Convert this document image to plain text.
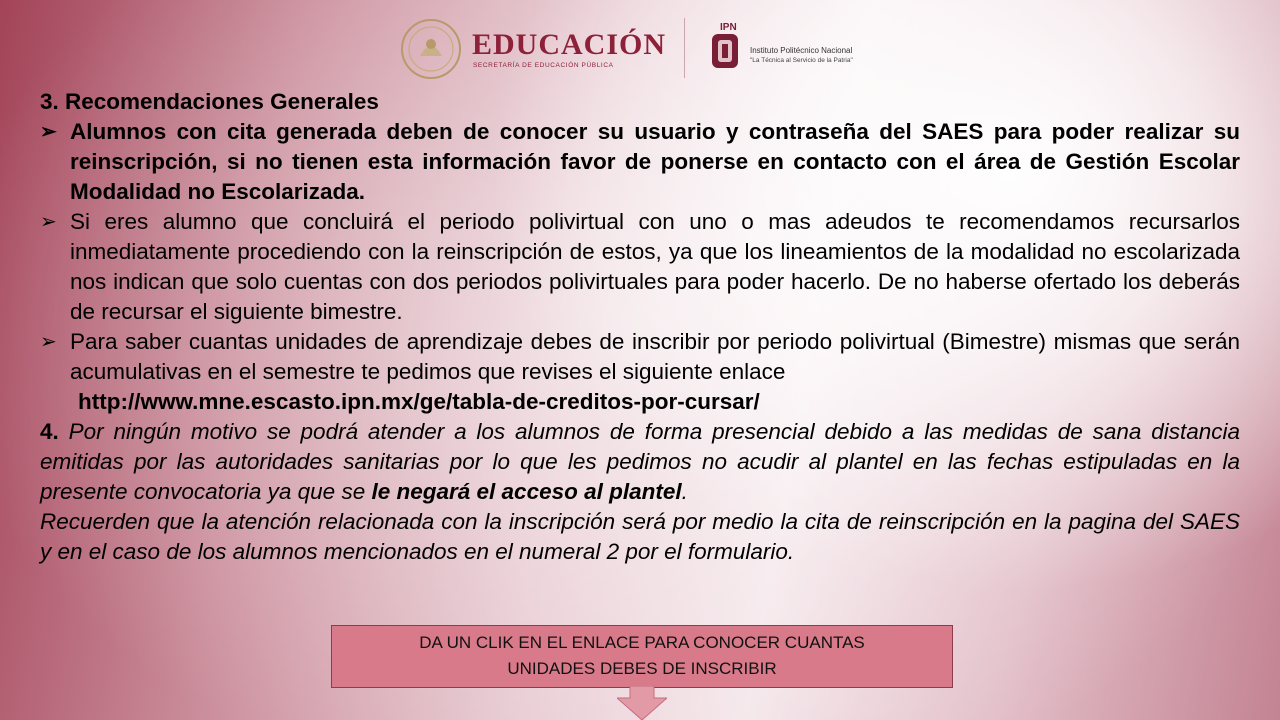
EDUCACIÓN
SECRETARÍA DE EDUCACIÓN PÚBLICA
IPN
Instituto Politécnico Nacional
"La Técnica al Servicio de la Patria"

3. Recomendaciones Generales

➢ Alumnos con cita generada deben de conocer su usuario y contraseña del SAES para poder realizar su reinscripción, si no tienen esta información favor de ponerse en contacto con el área de Gestión Escolar Modalidad no Escolarizada.

➢ Si eres alumno que concluirá el periodo polivirtual con uno o mas adeudos te recomendamos recursarlos inmediatamente procediendo con la reinscripción de estos, ya que los lineamientos de la modalidad no escolarizada nos indican que solo cuentas con dos periodos polivirtuales para poder hacerlo. De no haberse ofertado los deberás de recursar el siguiente bimestre.

➢ Para saber cuantas unidades de aprendizaje debes de inscribir por periodo polivirtual (Bimestre) mismas que serán acumulativas en el semestre te pedimos que revises el siguiente enlace

http://www.mne.escasto.ipn.mx/ge/tabla-de-creditos-por-cursar/

4. Por ningún motivo se podrá atender a los alumnos de forma presencial debido a las medidas de sana distancia emitidas por las autoridades sanitarias por lo que les pedimos no acudir al plantel en las fechas estipuladas en la presente convocatoria ya que se le negará el acceso al plantel.

Recuerden que la atención relacionada con la inscripción será por medio la cita de reinscripción en la pagina del SAES y en el caso de los alumnos mencionados en el numeral 2 por el formulario.

DA UN CLIK EN EL ENLACE PARA CONOCER CUANTAS
UNIDADES DEBES DE INSCRIBIR
